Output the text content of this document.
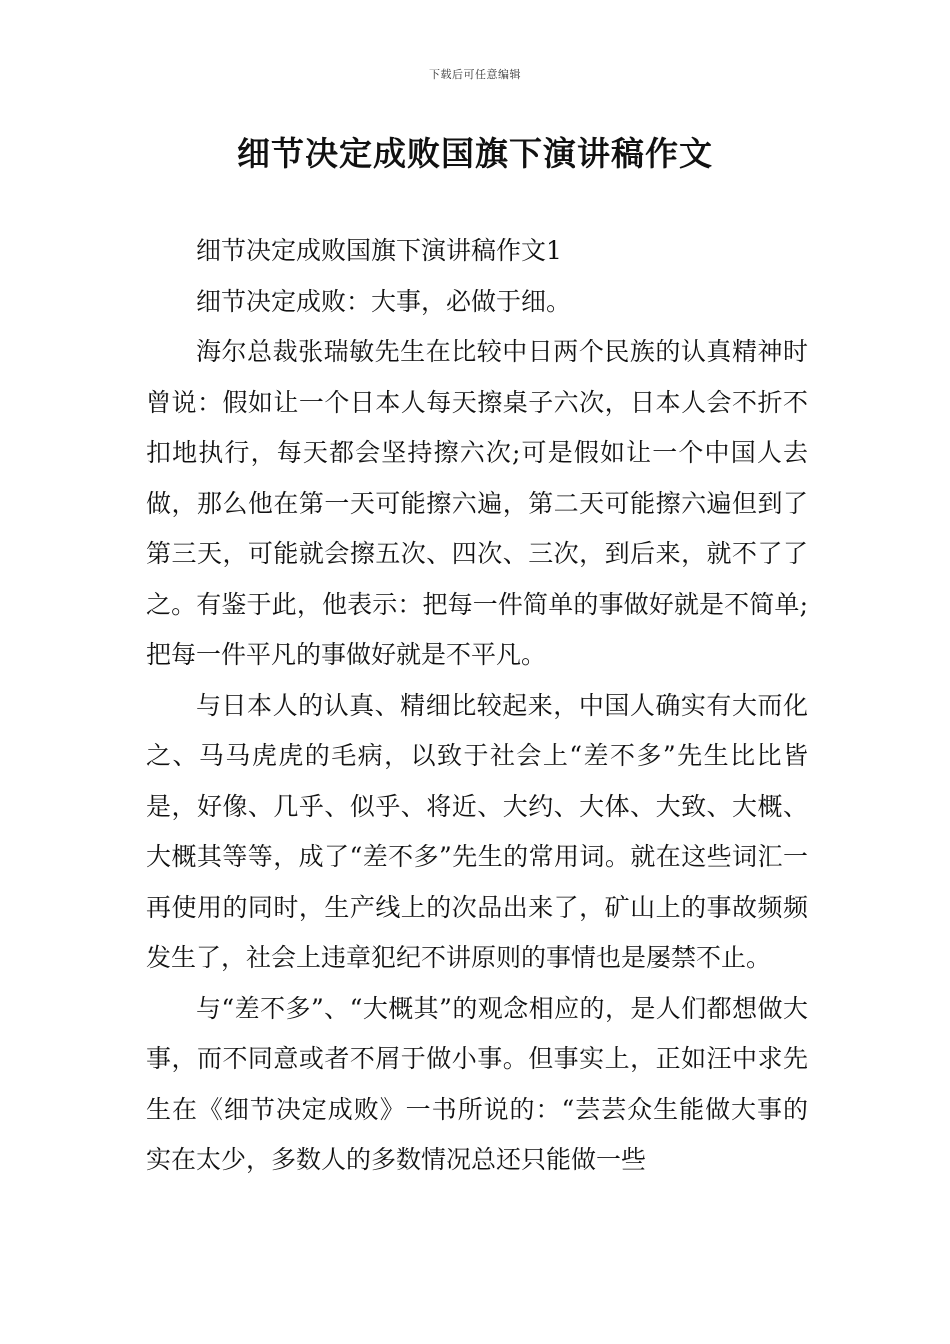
下载后可任意编辑
细节决定成败国旗下演讲稿作文

细节决定成败国旗下演讲稿作文1

细节决定成败：大事，必做于细。

海尔总裁张瑞敏先生在比较中日两个民族的认真精神时曾说：假如让一个日本人每天擦桌子六次，日本人会不折不扣地执行，每天都会坚持擦六次;可是假如让一个中国人去做，那么他在第一天可能擦六遍，第二天可能擦六遍但到了第三天，可能就会擦五次、四次、三次，到后来，就不了了之。有鉴于此，他表示：把每一件简单的事做好就是不简单;把每一件平凡的事做好就是不平凡。

与日本人的认真、精细比较起来，中国人确实有大而化之、马马虎虎的毛病，以致于社会上“差不多”先生比比皆是，好像、几乎、似乎、将近、大约、大体、大致、大概、大概其等等，成了“差不多”先生的常用词。就在这些词汇一再使用的同时，生产线上的次品出来了，矿山上的事故频频发生了，社会上违章犯纪不讲原则的事情也是屡禁不止。

与“差不多”、“大概其”的观念相应的，是人们都想做大事，而不同意或者不屑于做小事。但事实上，正如汪中求先生在《细节决定成败》一书所说的：“芸芸众生能做大事的实在太少，多数人的多数情况总还只能做一些
